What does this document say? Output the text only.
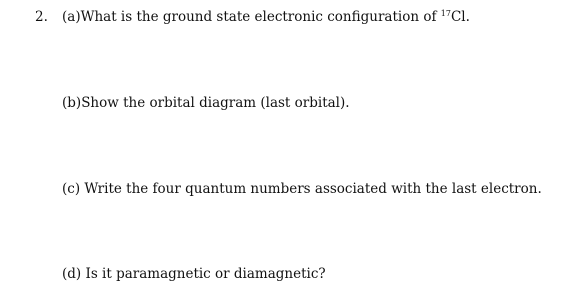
2. (a)What is the ground state electronic configuration of $^{17}$Cl.
(b)Show the orbital diagram (last orbital).
(c) Write the four quantum numbers associated with the last electron.
(d) Is it paramagnetic or diamagnetic?
